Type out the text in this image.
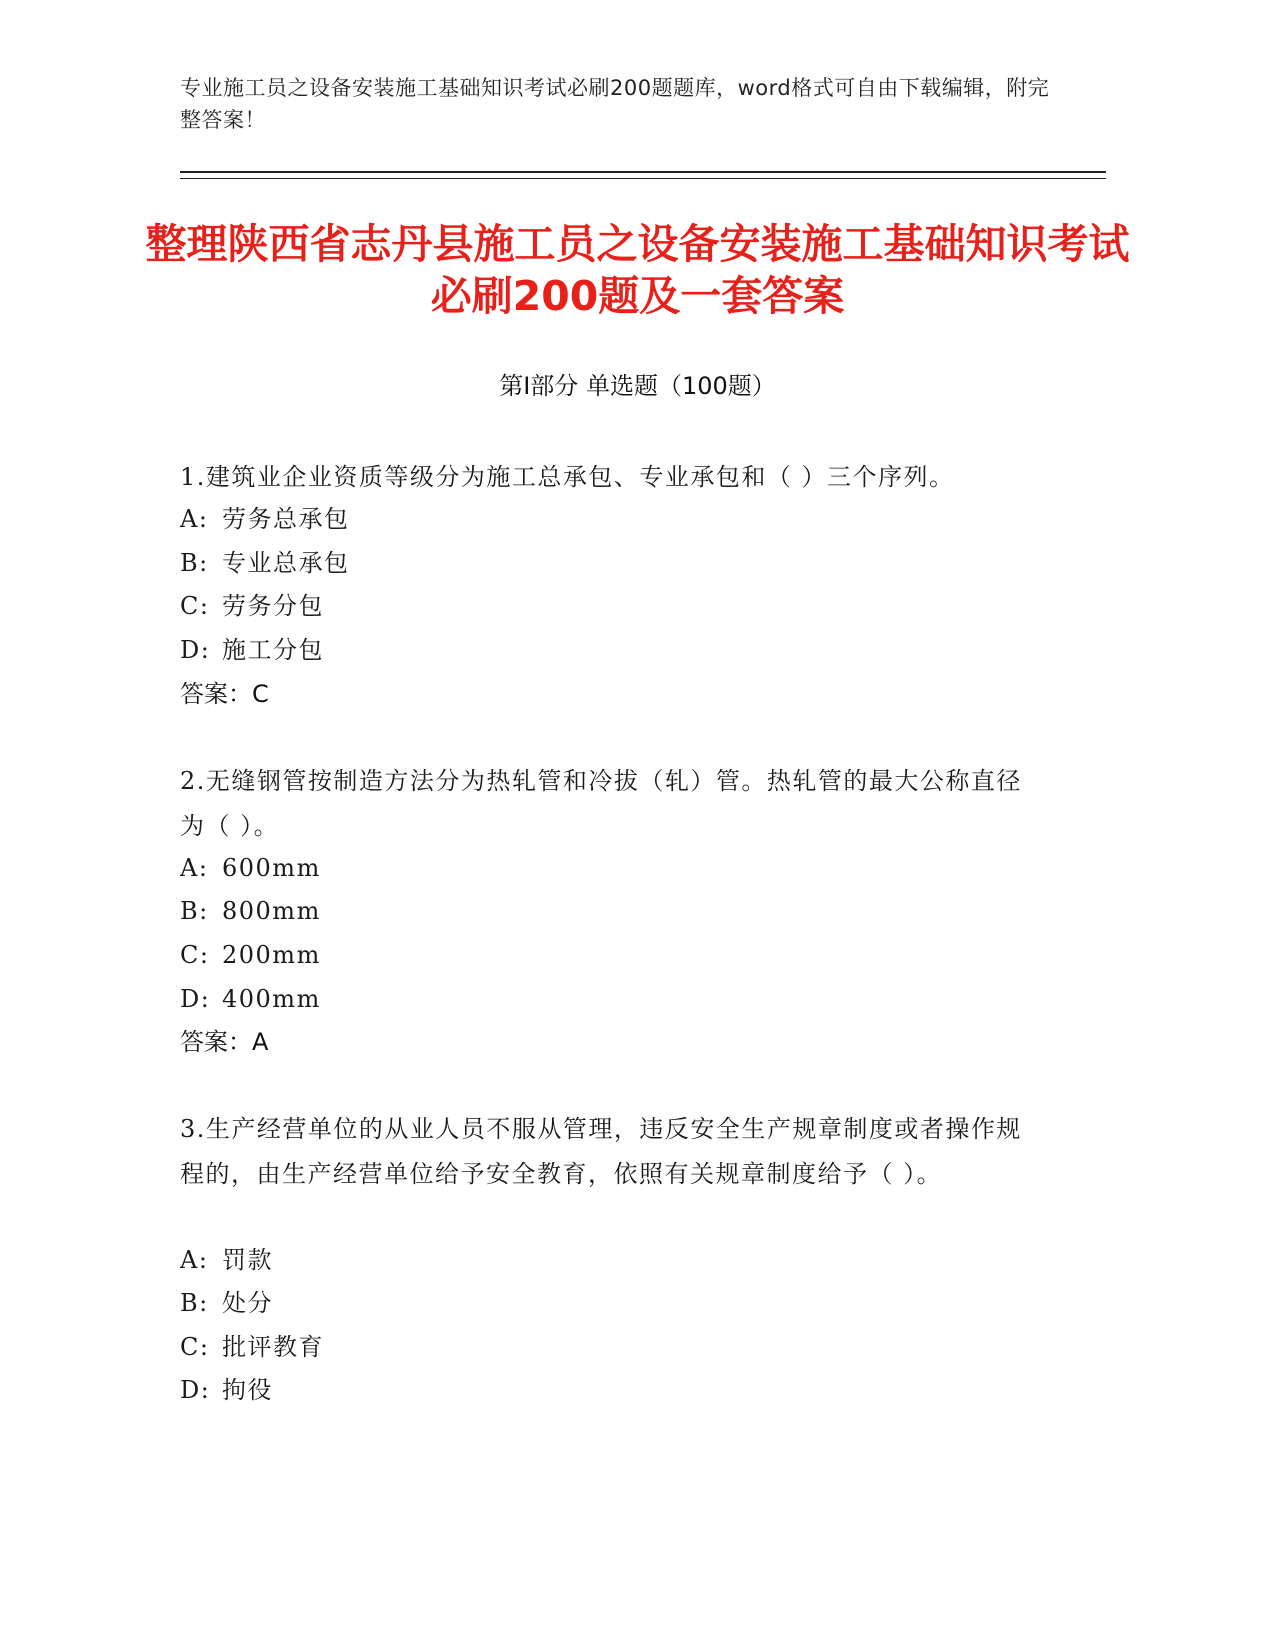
专业施工员之设备安装施工基础知识考试必刷200题题库，word格式可自由下载编辑，附完整答案！
整理陕西省志丹县施工员之设备安装施工基础知识考试必刷200题及一套答案
第Ⅰ部分 单选题（100题）
1.建筑业企业资质等级分为施工总承包、专业承包和（ ）三个序列。
A: 劳务总承包
B: 专业总承包
C: 劳务分包
D: 施工分包
答案：C
2.无缝钢管按制造方法分为热轧管和冷拔（轧）管。热轧管的最大公称直径为（ ）。
A: 600mm
B: 800mm
C: 200mm
D: 400mm
答案：A
3.生产经营单位的从业人员不服从管理，违反安全生产规章制度或者操作规程的，由生产经营单位给予安全教育，依照有关规章制度给予（ ）。
A: 罚款
B: 处分
C: 批评教育
D: 拘役
